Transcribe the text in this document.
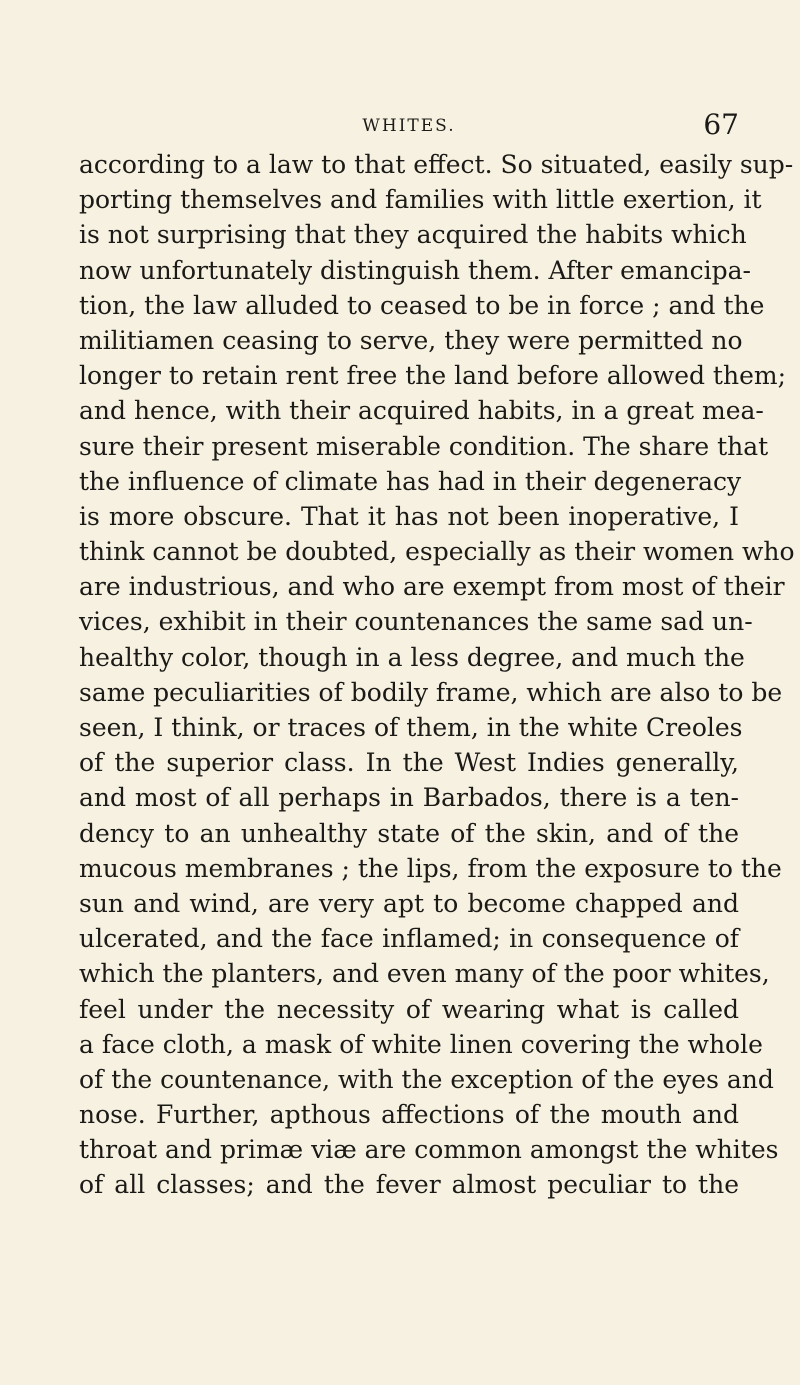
WHITES.	67
according to a law to that effect. So situated, easily sup-
porting themselves and families with little exertion, it
is not surprising that they acquired the habits which
now unfortunately distinguish them. After emancipa-
tion, the law alluded to ceased to be in force ; and the
militiamen ceasing to serve, they were permitted no
longer to retain rent free the land before allowed them;
and hence, with their acquired habits, in a great mea-
sure their present miserable condition. The share that
the influence of climate has had in their degeneracy
is more obscure. That it has not been inoperative, I
think cannot be doubted, especially as their women who
are industrious, and who are exempt from most of their
vices, exhibit in their countenances the same sad un-
healthy color, though in a less degree, and much the
same peculiarities of bodily frame, which are also to be
seen, I think, or traces of them, in the white Creoles
of the superior class. In the West Indies generally,
and most of all perhaps in Barbados, there is a ten-
dency to an unhealthy state of the skin, and of the
mucous membranes ; the lips, from the exposure to the
sun and wind, are very apt to become chapped and
ulcerated, and the face inflamed; in consequence of
which the planters, and even many of the poor whites,
feel under the necessity of wearing what is called
a face cloth, a mask of white linen covering the whole
of the countenance, with the exception of the eyes and
nose. Further, apthous affections of the mouth and
throat and primæ viæ are common amongst the whites
of all classes; and the fever almost peculiar to the
